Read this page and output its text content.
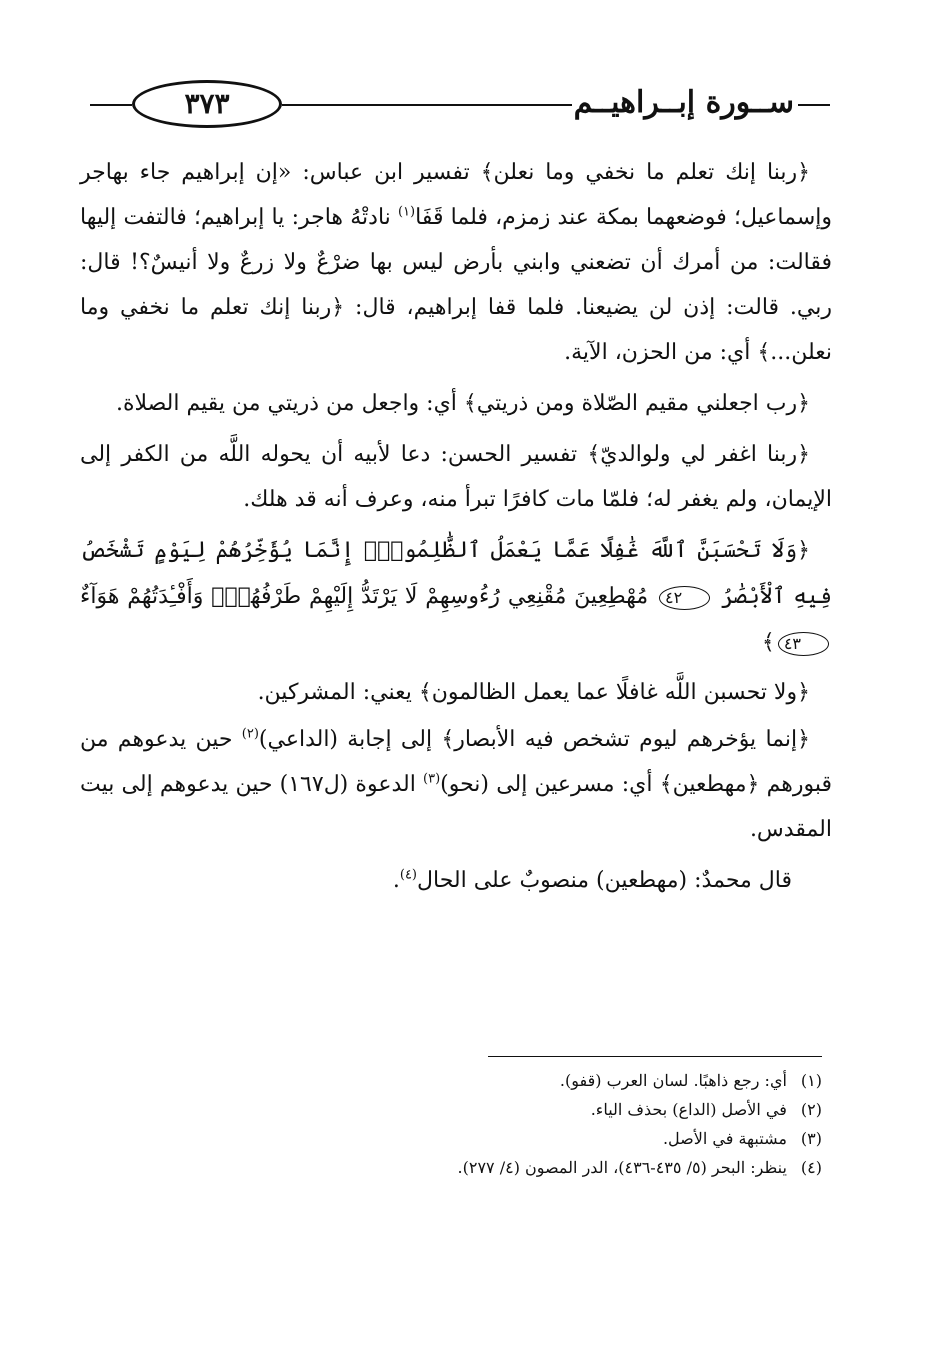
٣٧٣	ســورة إبــراهيــم

﴿ربنا إنك تعلم ما نخفي وما نعلن﴾ تفسير ابن عباس: «إن إبراهيم جاء بهاجر وإسماعيل؛ فوضعهما بمكة عند زمزم، فلما قَفَا$^{(١)}$ نادتْهُ هاجر: يا إبراهيم؛ فالتفت إليها فقالت: من أمرك أن تضعني وابني بأرض ليس بها ضرْعٌ ولا زرعٌ ولا أنيسٌ؟! قال: ربي. قالت: إذن لن يضيعنا. فلما قفا إبراهيم، قال: ﴿ربنا إنك تعلم ما نخفي وما نعلن...﴾ أي: من الحزن، الآية.

﴿رب اجعلني مقيم الصّلاة ومن ذريتي﴾ أي: واجعل من ذريتي من يقيم الصلاة.

﴿ربنا اغفر لي ولوالديّ﴾ تفسير الحسن: دعا لأبيه أن يحوله اللَّه من الكفر إلى الإيمان، ولم يغفر له؛ فلمّا مات كافرًا تبرأ منه، وعرف أنه قد هلك.

﴿وَلَا تَحْسَبَنَّ ٱللَّهَ غَٰفِلًا عَمَّا يَعْمَلُ ٱلظَّٰلِمُونَۚ إِنَّمَا يُؤَخِّرُهُمْ لِيَوْمٍ تَشْخَصُ فِيهِ ٱلْأَبْصَٰرُ ٤٢ مُهْطِعِينَ مُقْنِعِي رُءُوسِهِمْ لَا يَرْتَدُّ إِلَيْهِمْ طَرْفُهُمْۖ وَأَفْـِٔدَتُهُمْ هَوَآءٌ ٤٣﴾

﴿ولا تحسبن اللَّه غافلًا عما يعمل الظالمون﴾ يعني: المشركين.

﴿إنما يؤخرهم ليوم تشخص فيه الأبصار﴾ إلى إجابة (الداعي)$^{(٢)}$ حين يدعوهم من قبورهم ﴿مهطعين﴾ أي: مسرعين إلى (نحو)$^{(٣)}$ الدعوة (ل١٦٧) حين يدعوهم إلى بيت المقدس.

قال محمدٌ: (مهطعين) منصوبٌ على الحال$^{(٤)}$.

(١) أي: رجع ذاهبًا. لسان العرب (قفو).
(٢) في الأصل (الداع) بحذف الياء.
(٣) مشتبهة في الأصل.
(٤) ينظر: البحر (٥/ ٤٣٥-٤٣٦)، الدر المصون (٤/ ٢٧٧).
